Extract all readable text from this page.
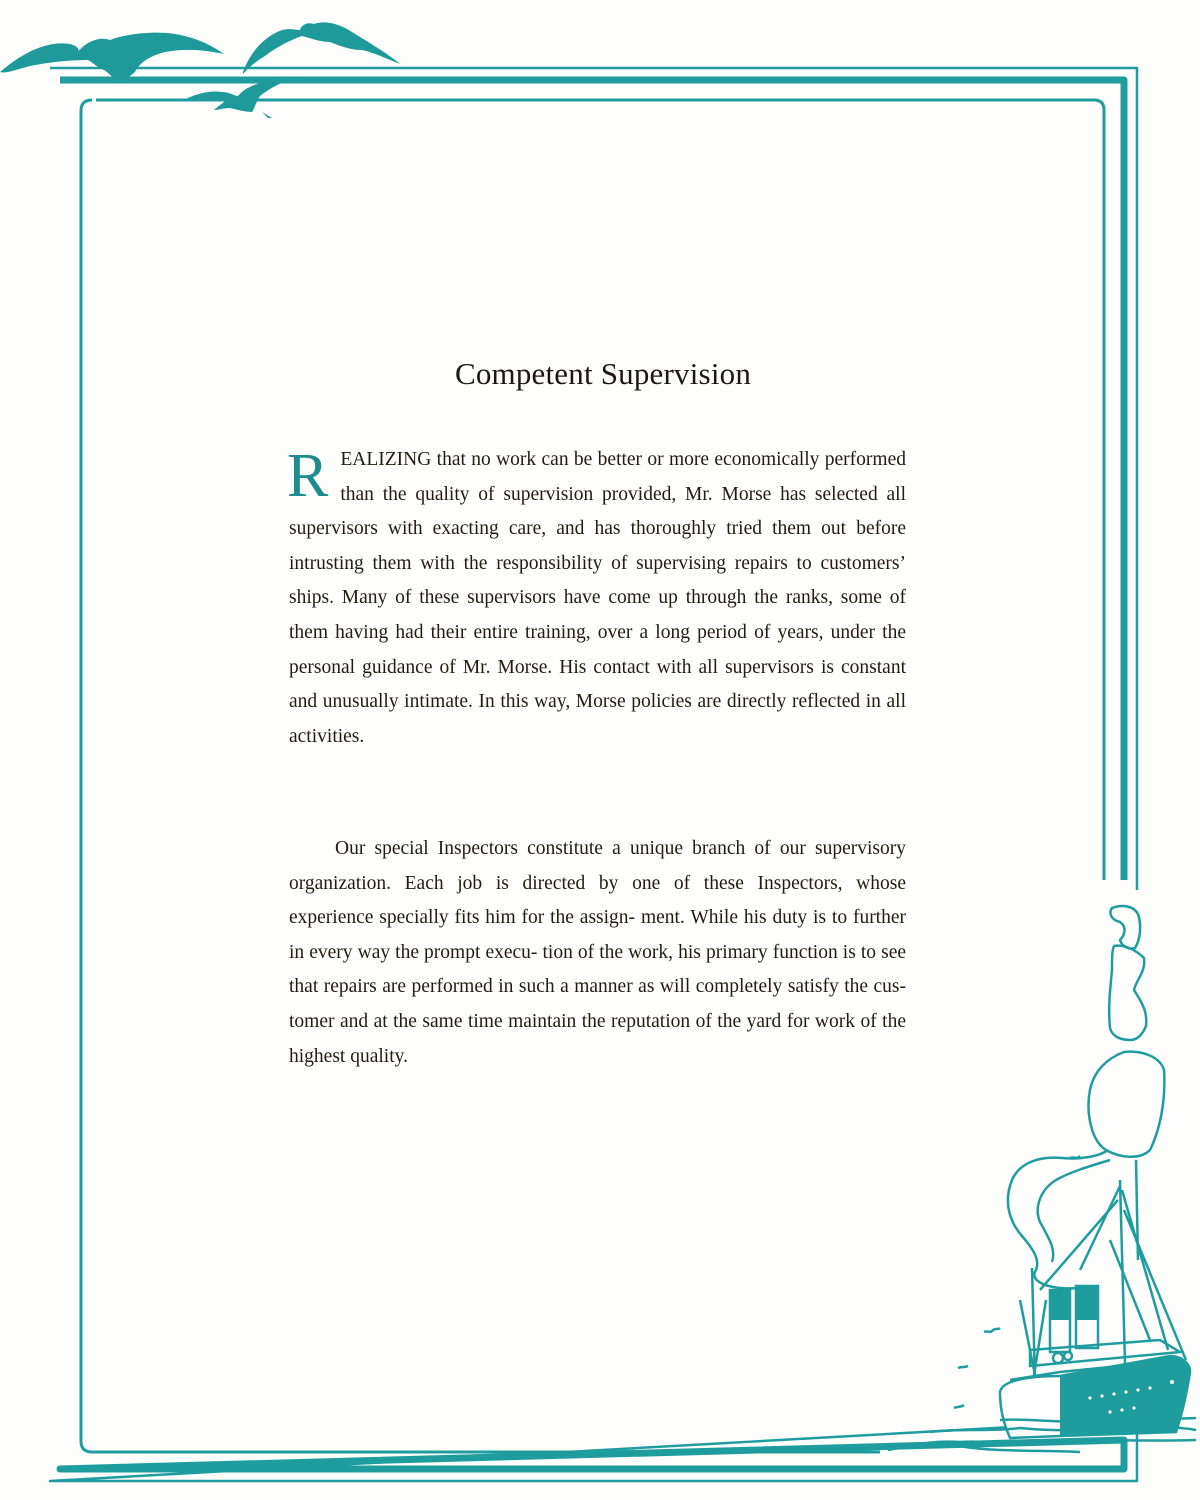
Competent Supervision
REALIZING that no work can be better or more economically performed than the quality of supervision provided, Mr. Morse has selected all supervisors with exacting care, and has thoroughly tried them out before intrusting them with the responsibility of supervising repairs to customers’ ships. Many of these supervisors have come up through the ranks, some of them having had their entire training, over a long period of years, under the personal guidance of Mr. Morse. His contact with all supervisors is constant and unusually intimate. In this way, Morse policies are directly reflected in all activities.
Our special Inspectors constitute a unique branch of our supervisory organization. Each job is directed by one of these Inspectors, whose experience specially fits him for the assign- ment. While his duty is to further in every way the prompt execu- tion of the work, his primary function is to see that repairs are performed in such a manner as will completely satisfy the cus- tomer and at the same time maintain the reputation of the yard for work of the highest quality.
